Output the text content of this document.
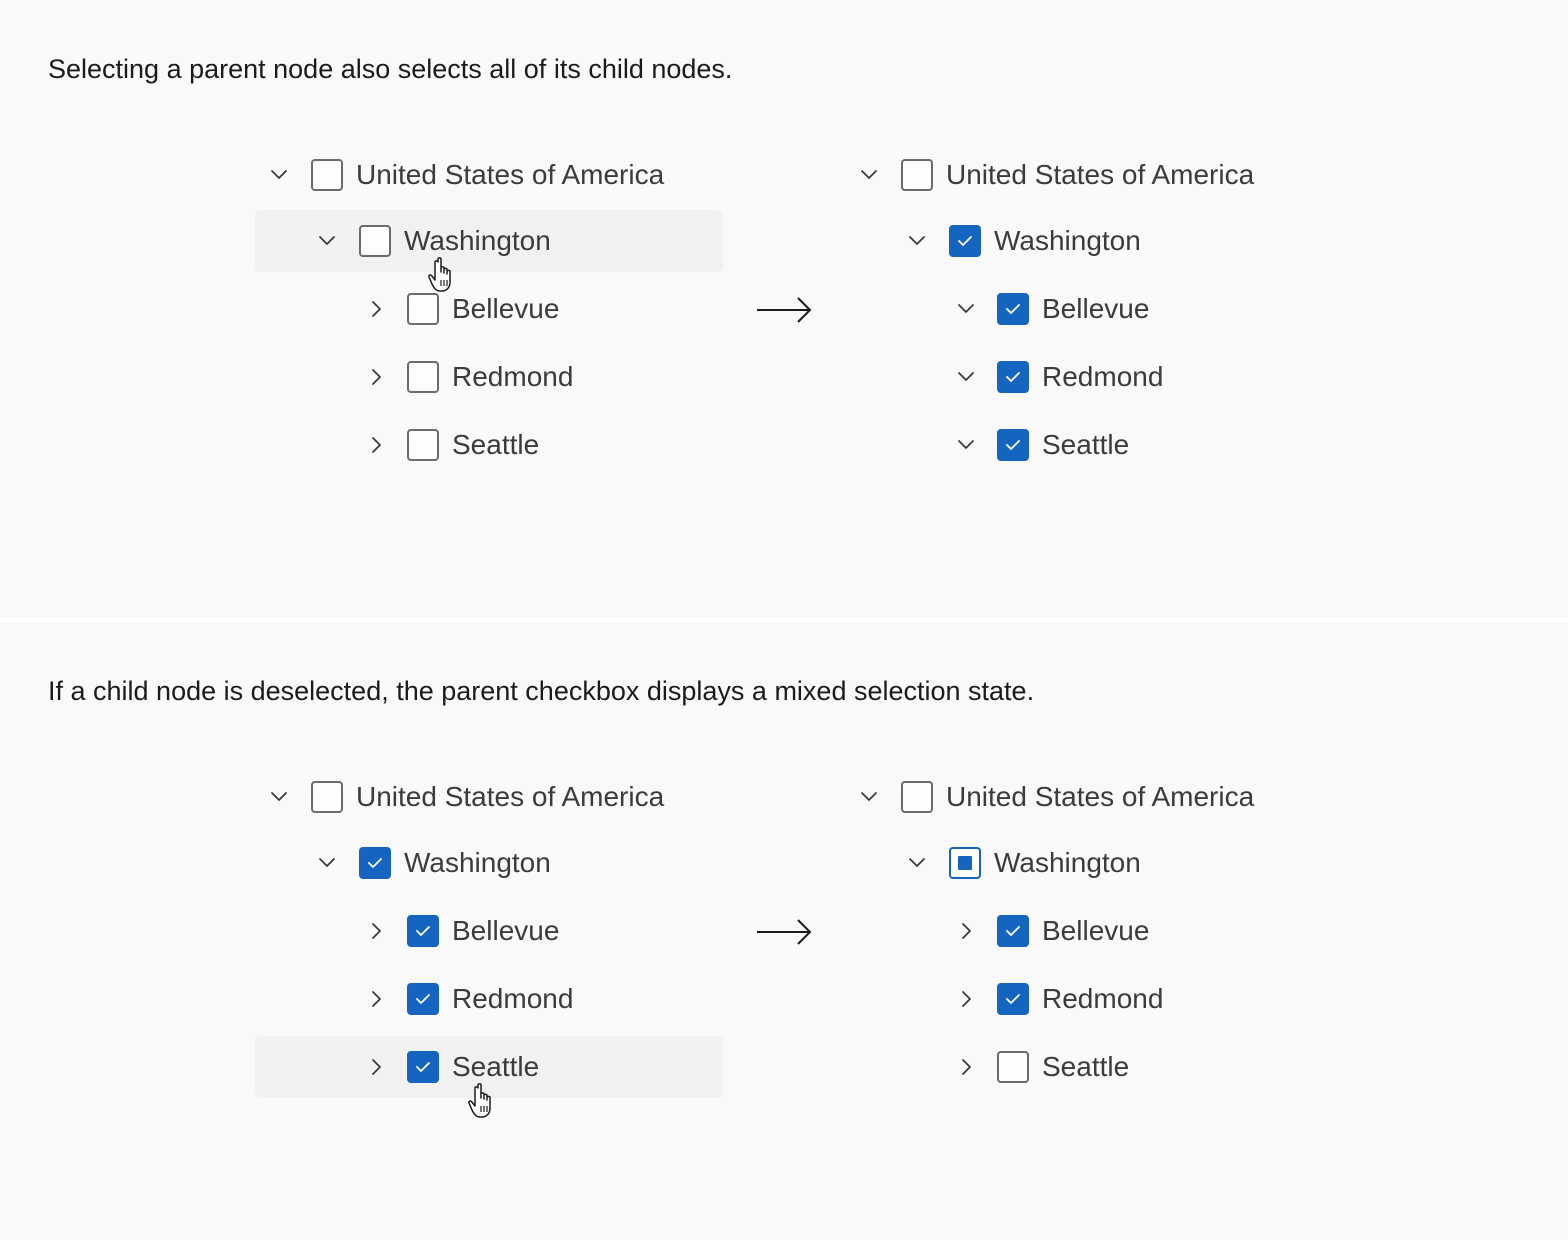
Selecting a parent node also selects all of its child nodes.
United States of America
Washington
Bellevue
Redmond
Seattle
United States of America
Washington
Bellevue
Redmond
Seattle
If a child node is deselected, the parent checkbox displays a mixed selection state.
United States of America
Washington
Bellevue
Redmond
Seattle
United States of America
Washington
Bellevue
Redmond
Seattle
